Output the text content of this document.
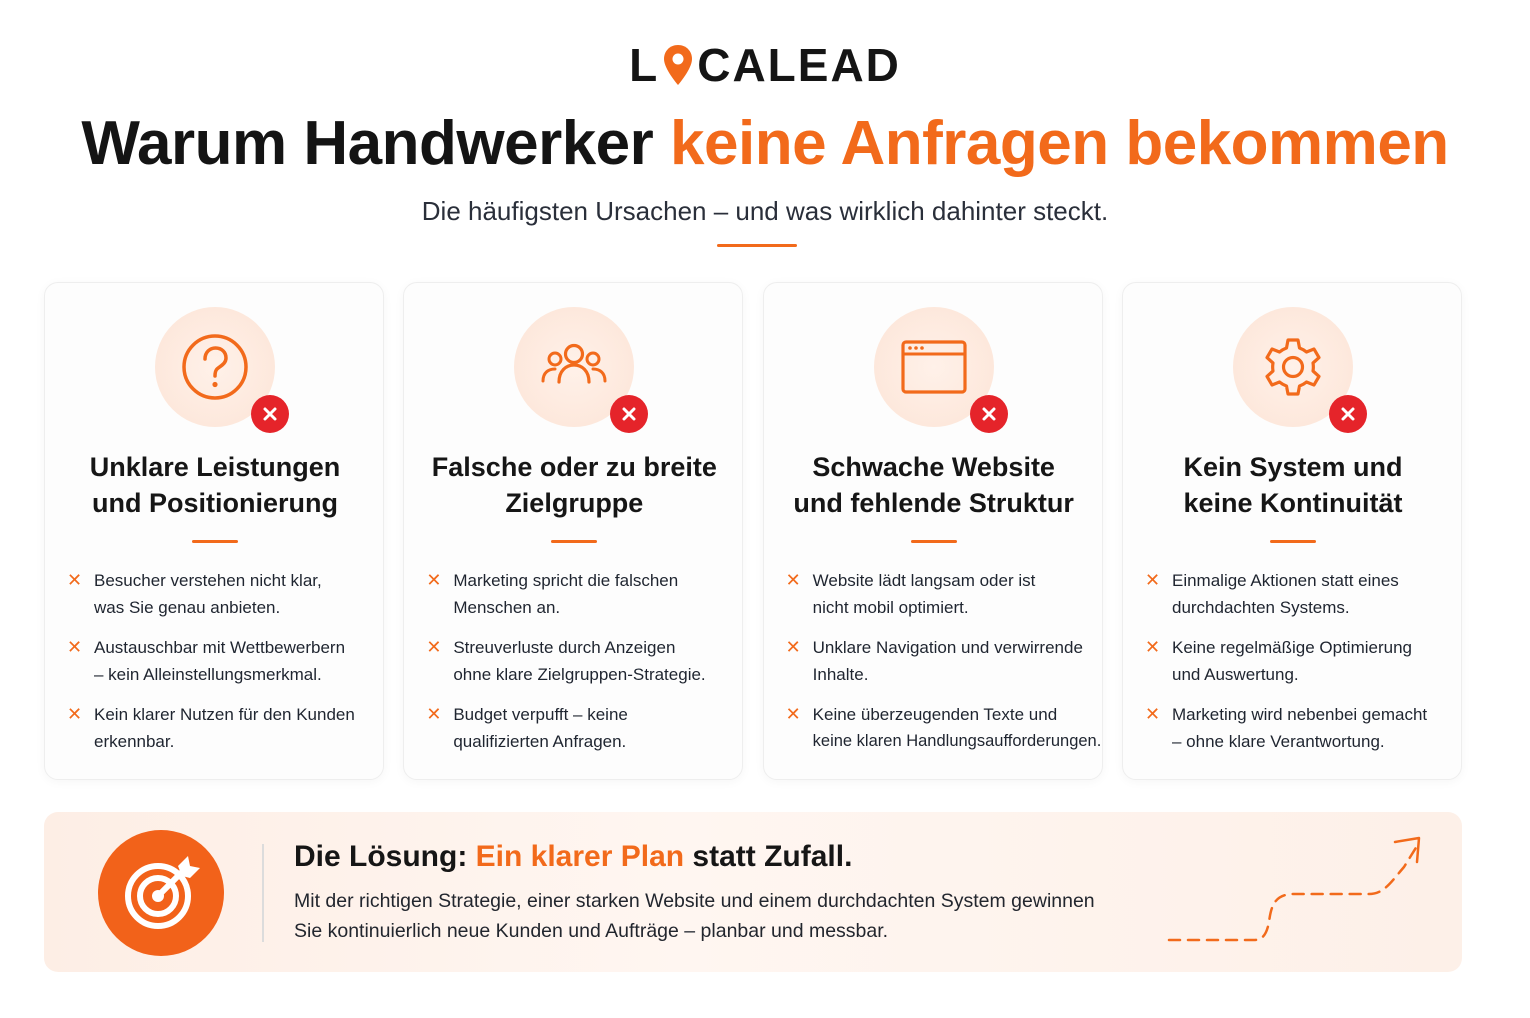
L CALEAD
Warum Handwerker keine Anfragen bekommen
Die häufigsten Ursachen – und was wirklich dahinter steckt.
Unklare Leistungen
und Positionierung
✕ Besucher verstehen nicht klar,
was Sie genau anbieten.
✕ Austauschbar mit Wettbewerbern
– kein Alleinstellungsmerkmal.
✕ Kein klarer Nutzen für den Kunden
erkennbar.
Falsche oder zu breite
Zielgruppe
✕ Marketing spricht die falschen
Menschen an.
✕ Streuverluste durch Anzeigen
ohne klare Zielgruppen-Strategie.
✕ Budget verpufft – keine
qualifizierten Anfragen.
Schwache Website
und fehlende Struktur
✕ Website lädt langsam oder ist
nicht mobil optimiert.
✕ Unklare Navigation und verwirrende
Inhalte.
✕ Keine überzeugenden Texte und
keine klaren Handlungsaufforderungen.
Kein System und
keine Kontinuität
✕ Einmalige Aktionen statt eines
durchdachten Systems.
✕ Keine regelmäßige Optimierung
und Auswertung.
✕ Marketing wird nebenbei gemacht
– ohne klare Verantwortung.
Die Lösung: Ein klarer Plan statt Zufall.
Mit der richtigen Strategie, einer starken Website und einem durchdachten System gewinnen
Sie kontinuierlich neue Kunden und Aufträge – planbar und messbar.
